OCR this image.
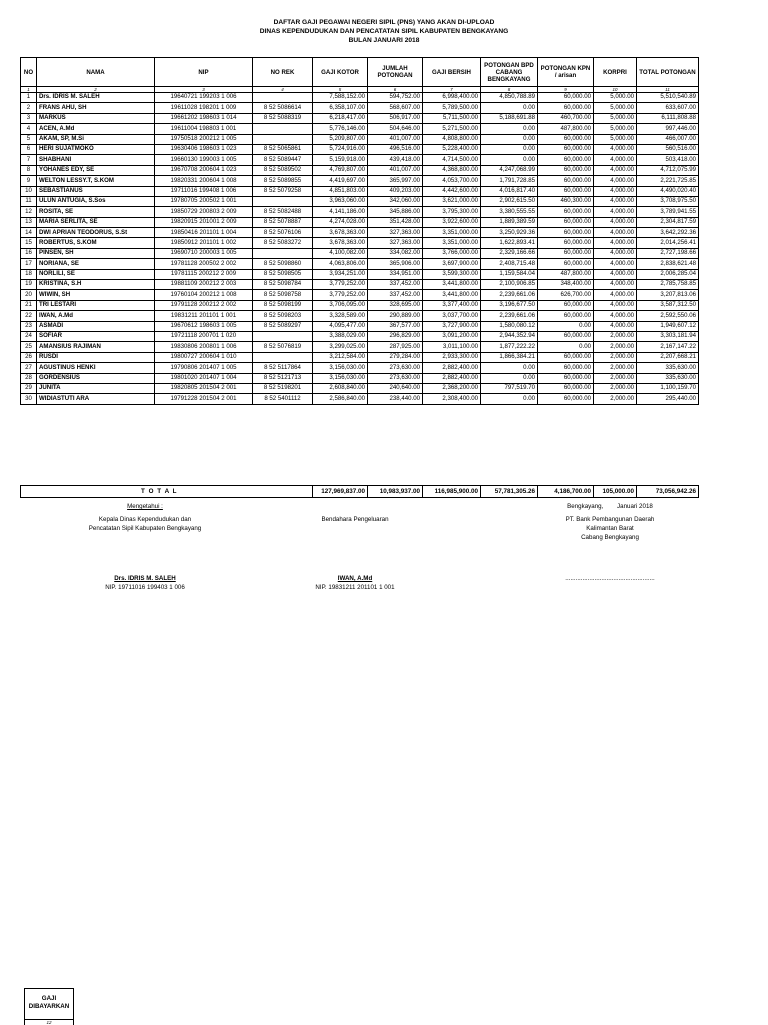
DAFTAR GAJI PEGAWAI NEGERI SIPIL (PNS) YANG AKAN DI-UPLOAD
DINAS KEPENDUDUKAN DAN PENCATATAN SIPIL KABUPATEN BENGKAYANG
BULAN JANUARI 2018
NO	NAMA	NIP	NO REK	GAJI KOTOR	JUMLAH POTONGAN	GAJI BERSIH	POTONGAN BPD CABANG BENGKAYANG	POTONGAN KPN / arisan	KORPRI	TOTAL POTONGAN
1	2	3	4	5	6	7	8	9	10	11
1	Drs. IDRIS M. SALEH	19640721 199203 1 006		7,588,152.00	594,752.00	6,998,400.00	4,850,788.89	60,000.00	5,000.00	5,510,540.89
2	FRANS AHU, SH	19611028 198201 1 009	8 52 5086614	6,358,107.00	568,607.00	5,789,500.00	0.00	60,000.00	5,000.00	633,607.00
3	MARKUS	19661202 198603 1 014	8 52 5088319	6,218,417.00	506,917.00	5,711,500.00	5,188,691.88	460,700.00	5,000.00	6,111,808.88
4	ACEN, A.Md	19611004 198803 1 001		5,776,146.00	504,646.00	5,271,500.00	0.00	487,800.00	5,000.00	997,446.00
5	AKAM, SP, M.Si	19750518 200212 1 005		5,209,807.00	401,007.00	4,808,800.00	0.00	60,000.00	5,000.00	466,007.00
6	HERI SUJATMOKO	19630406 198603 1 023	8 52 5065861	5,724,916.00	496,516.00	5,228,400.00	0.00	60,000.00	4,000.00	560,516.00
7	SHABHANI	19660130 199003 1 005	8 52 5089447	5,159,918.00	439,418.00	4,714,500.00	0.00	60,000.00	4,000.00	503,418.00
8	YOHANES EDY, SE	19670708 200604 1 023	8 52 5089502	4,769,807.00	401,007.00	4,368,800.00	4,247,068.99	60,000.00	4,000.00	4,712,075.99
9	WELTON LESSY.T, S.KOM	19820331 200604 1 008	8 52 5089855	4,419,697.00	365,997.00	4,053,700.00	1,791,728.85	60,000.00	4,000.00	2,221,725.85
10	SEBASTIANUS	19711016 199408 1 006	8 52 5079258	4,851,803.00	409,203.00	4,442,600.00	4,016,817.40	60,000.00	4,000.00	4,490,020.40
11	ULUN ANTUGIA, S.Sos	19780705 200502 1 001		3,963,060.00	342,060.00	3,621,000.00	2,902,615.50	460,300.00	4,000.00	3,708,975.50
12	ROSITA, SE	19850729 200803 2 009	8 52 5082488	4,141,186.00	345,886.00	3,795,300.00	3,380,555.55	60,000.00	4,000.00	3,789,941.55
13	MARIA SERLITA, SE	19820915 201001 2 009	8 52 5078887	4,274,028.00	351,428.00	3,922,600.00	1,889,389.59	60,000.00	4,000.00	2,304,817.59
14	DWI APRIAN TEODORUS, S.St	19850416 201101 1 004	8 52 5076106	3,678,363.00	327,363.00	3,351,000.00	3,250,929.36	60,000.00	4,000.00	3,642,292.36
15	ROBERTUS, S.KOM	19850912 201101 1 002	8 52 5083272	3,678,363.00	327,363.00	3,351,000.00	1,622,893.41	60,000.00	4,000.00	2,014,256.41
16	PINSEN, SH	19690710 200003 1 005		4,100,082.00	334,082.00	3,766,000.00	2,329,166.66	60,000.00	4,000.00	2,727,198.66
17	NORIANA, SE	19781128 200502 2 002	8 52 5098860	4,063,806.00	365,906.00	3,697,900.00	2,408,715.48	60,000.00	4,000.00	2,838,621.48
18	NORLILI, SE	19781115 200212 2 009	8 52 5098505	3,934,251.00	334,951.00	3,599,300.00	1,159,584.04	487,800.00	4,000.00	2,006,285.04
19	KRISTINA, S.H	19881109 200212 2 003	8 52 5098784	3,779,252.00	337,452.00	3,441,800.00	2,100,906.85	348,400.00	4,000.00	2,785,758.85
20	WIWIN, SH	19760104 200212 1 008	8 52 5098758	3,779,252.00	337,452.00	3,441,800.00	2,239,661.06	626,700.00	4,000.00	3,207,813.06
21	TRI LESTARI	19791128 200212 2 002	8 52 5098199	3,706,095.00	328,695.00	3,377,400.00	3,196,677.50	60,000.00	4,000.00	3,587,312.50
22	IWAN, A.Md	19831211 201101 1 001	8 52 5098203	3,328,589.00	290,889.00	3,037,700.00	2,239,661.06	60,000.00	4,000.00	2,592,550.06
23	ASMADI	19670612 198603 1 005	8 52 5089297	4,095,477.00	367,577.00	3,727,900.00	1,580,080.12	0.00	4,000.00	1,949,607.12
24	SOFIAR	19721118 200701 1 020		3,388,029.00	296,829.00	3,091,200.00	2,944,352.94	60,000.00	2,000.00	3,303,181.94
25	AMANSIUS RAJIMAN	19830806 200801 1 006	8 52 5076819	3,299,025.00	287,925.00	3,011,100.00	1,877,222.22	0.00	2,000.00	2,167,147.22
26	RUSDI	19800727 200604 1 010		3,212,584.00	279,284.00	2,933,300.00	1,866,384.21	60,000.00	2,000.00	2,207,668.21
27	AGUSTINUS HENKI	19790806 201407 1 005	8 52 5117864	3,156,030.00	273,630.00	2,882,400.00	0.00	60,000.00	2,000.00	335,630.00
28	GORDENSIUS	19801020 201407 1 004	8 52 5121713	3,156,030.00	273,630.00	2,882,400.00	0.00	60,000.00	2,000.00	335,630.00
29	JUNITA	19820805 201504 2 001	8 52 5198201	2,608,840.00	240,640.00	2,368,200.00	797,519.70	60,000.00	2,000.00	1,100,159.70
30	WIDIASTUTI ARA	19791228 201504 2 001	8 52 5401112	2,586,840.00	238,440.00	2,308,400.00	0.00	60,000.00	2,000.00	295,440.00
T O T A L	127,969,837.00	10,983,937.00	116,985,900.00	57,781,305.26	4,186,700.00	105,000.00	73,056,942.26
Mengetahui :
Kepala Dinas Kependudukan dan
Pencatatan Sipil Kabupaten Bengkayang
Drs. IDRIS M. SALEH
NIP. 19711016 199403 1 006
Bendahara Pengeluaran
IWAN, A.Md
NIP. 19831211 201101 1 001
Bengkayang,        Januari 2018
PT. Bank Pembangunan Daerah
Kalimantan Barat
Cabang Bengkayang
....................................................
GAJI
DIBAYARKAN
12
